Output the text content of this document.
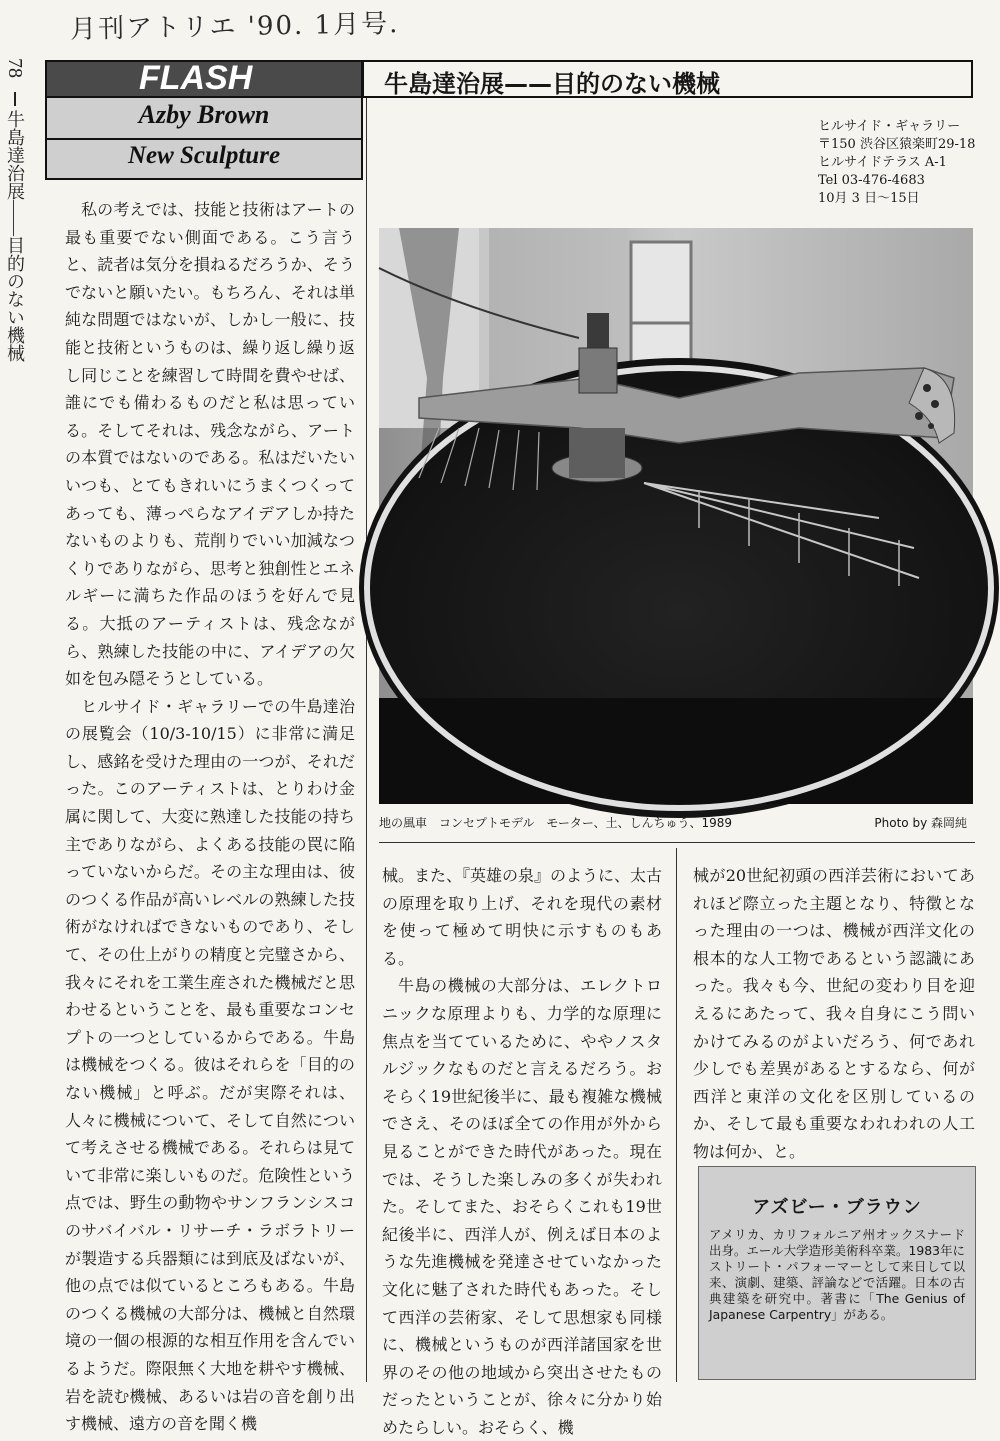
月刊アトリエ '90. 1月号.
78牛島達治展——目的のない機械
FLASH
Azby Brown
New Sculpture
牛島達治展——目的のない機械
ヒルサイド・ギャラリー
〒150 渋谷区猿楽町29-18
ヒルサイドテラス A-1
Tel 03-476-4683
10月 3 日〜15日

私の考えでは、技能と技術はアートの最も重要でない側面である。こう言うと、読者は気分を損ねるだろうか、そうでないと願いたい。もちろん、それは単純な問題ではないが、しかし一般に、技能と技術というものは、繰り返し繰り返し同じことを練習して時間を費やせば、誰にでも備わるものだと私は思っている。そしてそれは、残念ながら、アートの本質ではないのである。私はだいたいいつも、とてもきれいにうまくつくってあっても、薄っぺらなアイデアしか持たないものよりも、荒削りでいい加減なつくりでありながら、思考と独創性とエネルギーに満ちた作品のほうを好んで見る。大抵のアーティストは、残念ながら、熟練した技能の中に、アイデアの欠如を包み隠そうとしている。

ヒルサイド・ギャラリーでの牛島達治の展覧会（10/3-10/15）に非常に満足し、感銘を受けた理由の一つが、それだった。このアーティストは、とりわけ金属に関して、大変に熟達した技能の持ち主でありながら、よくある技能の罠に陥っていないからだ。その主な理由は、彼のつくる作品が高いレベルの熟練した技術がなければできないものであり、そして、その仕上がりの精度と完璧さから、我々にそれを工業生産された機械だと思わせるということを、最も重要なコンセプトの一つとしているからである。牛島は機械をつくる。彼はそれらを「目的のない機械」と呼ぶ。だが実際それは、人々に機械について、そして自然について考えさせる機械である。それらは見ていて非常に楽しいものだ。危険性という点では、野生の動物やサンフランシスコのサバイバル・リサーチ・ラボラトリーが製造する兵器類には到底及ばないが、他の点では似ているところもある。牛島のつくる機械の大部分は、機械と自然環境の一個の根源的な相互作用を含んでいるようだ。際限無く大地を耕やす機械、岩を読む機械、あるいは岩の音を創り出す機械、遠方の音を聞く機

地の風車　コンセプトモデル　モーター、土、しんちゅう、1989	Photo by 森岡純

械。また、『英雄の泉』のように、太古の原理を取り上げ、それを現代の素材を使って極めて明快に示すものもある。

牛島の機械の大部分は、エレクトロニックな原理よりも、力学的な原理に焦点を当てているために、ややノスタルジックなものだと言えるだろう。おそらく19世紀後半に、最も複雑な機械でさえ、そのほぼ全ての作用が外から見ることができた時代があった。現在では、そうした楽しみの多くが失われた。そしてまた、おそらくこれも19世紀後半に、西洋人が、例えば日本のような先進機械を発達させていなかった文化に魅了された時代もあった。そして西洋の芸術家、そして思想家も同様に、機械というものが西洋諸国家を世界のその他の地域から突出させたものだったということが、徐々に分かり始めたらしい。おそらく、機

械が20世紀初頭の西洋芸術においてあれほど際立った主題となり、特徴となった理由の一つは、機械が西洋文化の根本的な人工物であるという認識にあった。我々も今、世紀の変わり目を迎えるにあたって、我々自身にこう問いかけてみるのがよいだろう、何であれ少しでも差異があるとするなら、何が西洋と東洋の文化を区別しているのか、そして最も重要なわれわれの人工物は何か、と。

アズビー・ブラウン
アメリカ、カリフォルニア州オックスナード出身。エール大学造形美術科卒業。1983年にストリート・パフォーマーとして来日して以来、演劇、建築、評論などで活躍。日本の古典建築を研究中。著書に「The Genius of Japanese Carpentry」がある。
